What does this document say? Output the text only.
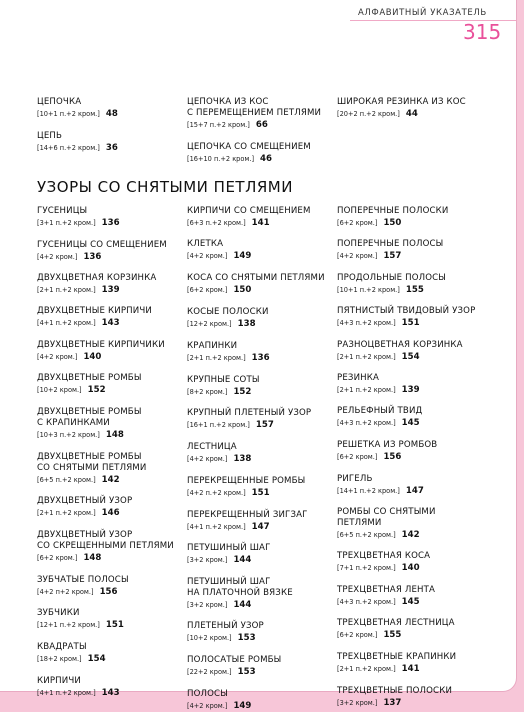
АЛФАВИТНЫЙ УКАЗАТЕЛЬ
315
ЦЕПОЧКА
[10+1 п.+2 кром.] 48
ЦЕПЬ
[14+6 п.+2 кром.] 36
ЦЕПОЧКА ИЗ КОС
С ПЕРЕМЕЩЕНИЕМ ПЕТЛЯМИ
[15+7 п.+2 кром.] 66
ЦЕПОЧКА СО СМЕЩЕНИЕМ
[16+10 п.+2 кром.] 46
ШИРОКАЯ РЕЗИНКА ИЗ КОС
[20+2 п.+2 кром.] 44
УЗОРЫ СО СНЯТЫМИ ПЕТЛЯМИ
ГУСЕНИЦЫ
[3+1 п.+2 кром.] 136
ГУСЕНИЦЫ СО СМЕЩЕНИЕМ
[4+2 кром.] 136
ДВУХЦВЕТНАЯ КОРЗИНКА
[2+1 п.+2 кром.] 139
ДВУХЦВЕТНЫЕ КИРПИЧИ
[4+1 п.+2 кром.] 143
ДВУХЦВЕТНЫЕ КИРПИЧИКИ
[4+2 кром.] 140
ДВУХЦВЕТНЫЕ РОМБЫ
[10+2 кром.] 152
ДВУХЦВЕТНЫЕ РОМБЫ
С КРАПИНКАМИ
[10+3 п.+2 кром.] 148
ДВУХЦВЕТНЫЕ РОМБЫ
СО СНЯТЫМИ ПЕТЛЯМИ
[6+5 п.+2 кром.] 142
ДВУХЦВЕТНЫЙ УЗОР
[2+1 п.+2 кром.] 146
ДВУХЦВЕТНЫЙ УЗОР
СО СКРЕЩЕННЫМИ ПЕТЛЯМИ
[6+2 кром.] 148
ЗУБЧАТЫЕ ПОЛОСЫ
[4+2 п+2 кром.] 156
ЗУБЧИКИ
[12+1 п.+2 кром.] 151
КВАДРАТЫ
[18+2 кром.] 154
КИРПИЧИ
[4+1 п.+2 кром.] 143
КИРПИЧИ СО СМЕЩЕНИЕМ
[6+3 п.+2 кром.] 141
КЛЕТКА
[4+2 кром.] 149
КОСА СО СНЯТЫМИ ПЕТЛЯМИ
[6+2 кром.] 150
КОСЫЕ ПОЛОСКИ
[12+2 кром.] 138
КРАПИНКИ
[2+1 п.+2 кром.] 136
КРУПНЫЕ СОТЫ
[8+2 кром.] 152
КРУПНЫЙ ПЛЕТЕНЫЙ УЗОР
[16+1 п.+2 кром.] 157
ЛЕСТНИЦА
[4+2 кром.] 138
ПЕРЕКРЕЩЕННЫЕ РОМБЫ
[4+2 п.+2 кром.] 151
ПЕРЕКРЕЩЕННЫЙ ЗИГЗАГ
[4+1 п.+2 кром.] 147
ПЕТУШИНЫЙ ШАГ
[3+2 кром.] 144
ПЕТУШИНЫЙ ШАГ
НА ПЛАТОЧНОЙ ВЯЗКЕ
[3+2 кром.] 144
ПЛЕТЕНЫЙ УЗОР
[10+2 кром.] 153
ПОЛОСАТЫЕ РОМБЫ
[22+2 кром.] 153
ПОЛОСЫ
[4+2 кром.] 149
ПОПЕРЕЧНЫЕ ПОЛОСКИ
[6+2 кром.] 150
ПОПЕРЕЧНЫЕ ПОЛОСЫ
[4+2 кром.] 157
ПРОДОЛЬНЫЕ ПОЛОСЫ
[10+1 п.+2 кром.] 155
ПЯТНИСТЫЙ ТВИДОВЫЙ УЗОР
[4+3 п.+2 кром.] 151
РАЗНОЦВЕТНАЯ КОРЗИНКА
[2+1 п.+2 кром.] 154
РЕЗИНКА
[2+1 п.+2 кром.] 139
РЕЛЬЕФНЫЙ ТВИД
[4+3 п.+2 кром.] 145
РЕШЕТКА ИЗ РОМБОВ
[6+2 кром.] 156
РИГЕЛЬ
[14+1 п.+2 кром.] 147
РОМБЫ СО СНЯТЫМИ
ПЕТЛЯМИ
[6+5 п.+2 кром.] 142
ТРЕХЦВЕТНАЯ КОСА
[7+1 п.+2 кром.] 140
ТРЕХЦВЕТНАЯ ЛЕНТА
[4+3 п.+2 кром.] 145
ТРЕХЦВЕТНАЯ ЛЕСТНИЦА
[6+2 кром.] 155
ТРЕХЦВЕТНЫЕ КРАПИНКИ
[2+1 п.+2 кром.] 141
ТРЕХЦВЕТНЫЕ ПОЛОСКИ
[3+2 кром.] 137
